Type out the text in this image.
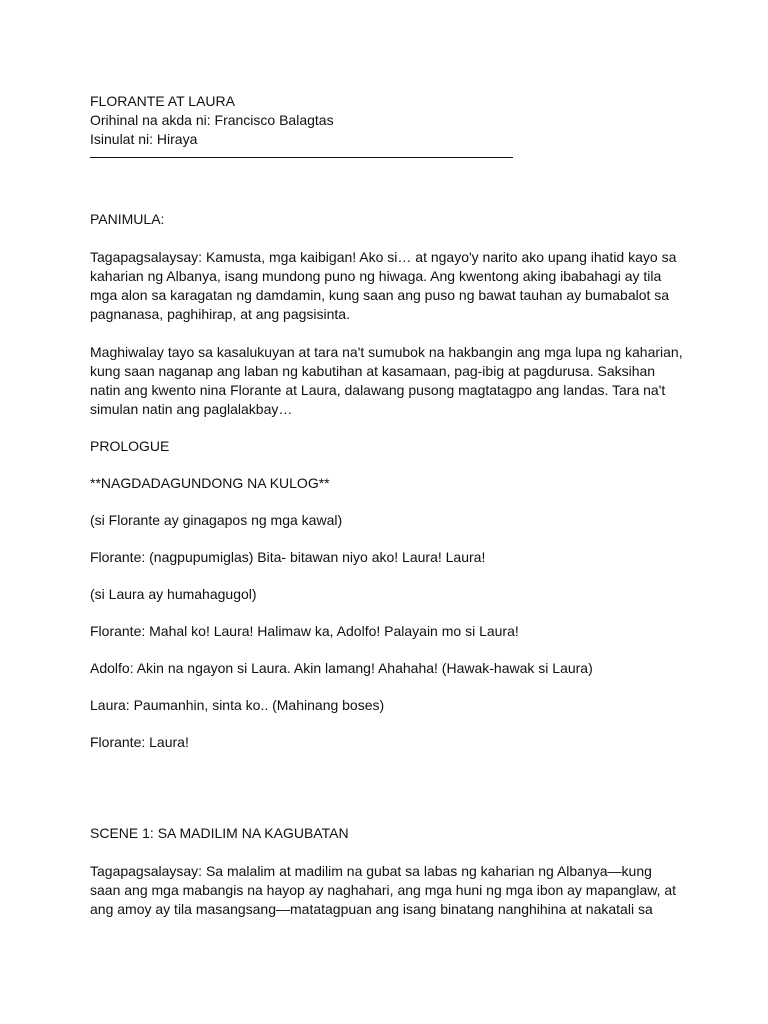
FLORANTE AT LAURA
Orihinal na akda ni: Francisco Balagtas
Isinulat ni: Hiraya
PANIMULA:
Tagapagsalaysay: Kamusta, mga kaibigan! Ako si… at ngayo'y narito ako upang ihatid kayo sa
kaharian ng Albanya, isang mundong puno ng hiwaga. Ang kwentong aking ibabahagi ay tila
mga alon sa karagatan ng damdamin, kung saan ang puso ng bawat tauhan ay bumabalot sa
pagnanasa, paghihirap, at ang pagsisinta.
Maghiwalay tayo sa kasalukuyan at tara na't sumubok na hakbangin ang mga lupa ng kaharian,
kung saan naganap ang laban ng kabutihan at kasamaan, pag-ibig at pagdurusa. Saksihan
natin ang kwento nina Florante at Laura, dalawang pusong magtatagpo ang landas. Tara na't
simulan natin ang paglalakbay…
PROLOGUE
**NAGDADAGUNDONG NA KULOG**
(si Florante ay ginagapos ng mga kawal)
Florante: (nagpupumiglas) Bita- bitawan niyo ako! Laura! Laura!
(si Laura ay humahagugol)
Florante: Mahal ko! Laura! Halimaw ka, Adolfo! Palayain mo si Laura!
Adolfo: Akin na ngayon si Laura. Akin lamang! Ahahaha! (Hawak-hawak si Laura)
Laura: Paumanhin, sinta ko.. (Mahinang boses)
Florante: Laura!
SCENE 1: SA MADILIM NA KAGUBATAN
Tagapagsalaysay: Sa malalim at madilim na gubat sa labas ng kaharian ng Albanya—kung
saan ang mga mabangis na hayop ay naghahari, ang mga huni ng mga ibon ay mapanglaw, at
ang amoy ay tila masangsang—matatagpuan ang isang binatang nanghihina at nakatali sa
